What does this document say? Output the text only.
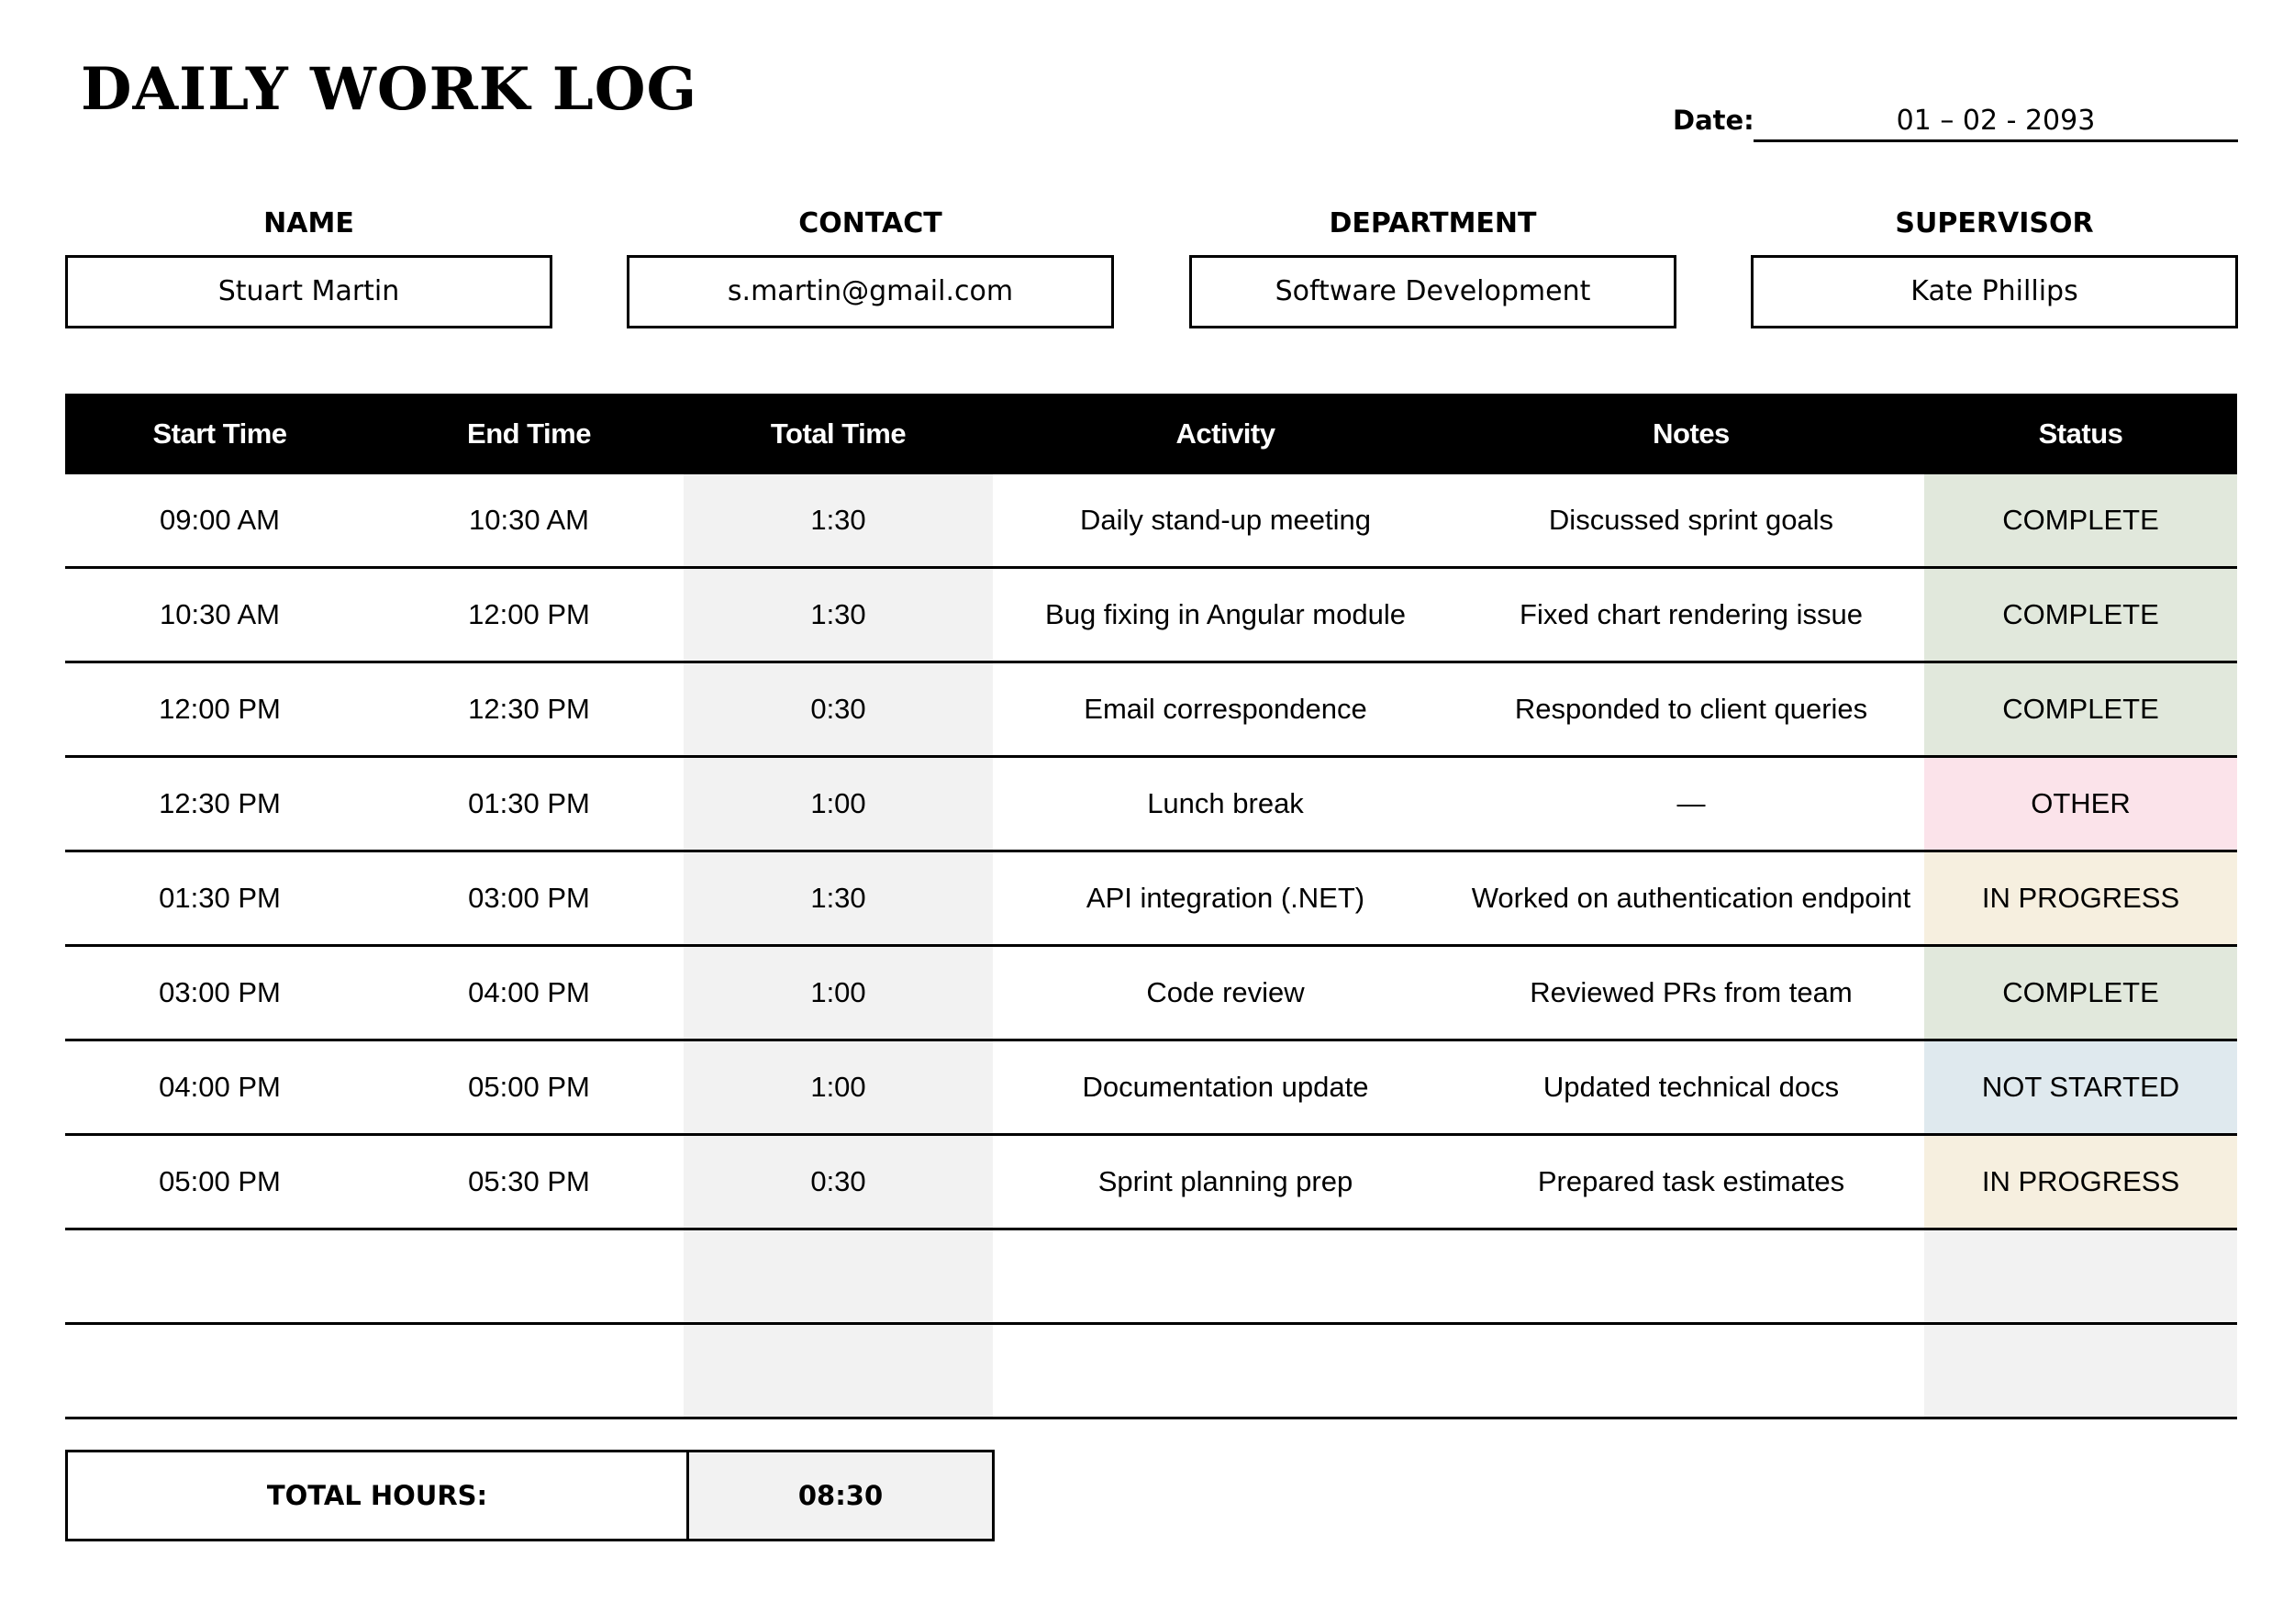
DAILY WORK LOG	Date:	01 – 02 - 2093
NAME
Stuart Martin
CONTACT
s.martin@gmail.com
DEPARTMENT
Software Development
SUPERVISOR
Kate Phillips
Start Time	End Time	Total Time	Activity	Notes	Status
09:00 AM	10:30 AM	1:30	Daily stand-up meeting	Discussed sprint goals	COMPLETE
10:30 AM	12:00 PM	1:30	Bug fixing in Angular module	Fixed chart rendering issue	COMPLETE
12:00 PM	12:30 PM	0:30	Email correspondence	Responded to client queries	COMPLETE
12:30 PM	01:30 PM	1:00	Lunch break	—	OTHER
01:30 PM	03:00 PM	1:30	API integration (.NET)	Worked on authentication endpoint	IN PROGRESS
03:00 PM	04:00 PM	1:00	Code review	Reviewed PRs from team	COMPLETE
04:00 PM	05:00 PM	1:00	Documentation update	Updated technical docs	NOT STARTED
05:00 PM	05:30 PM	0:30	Sprint planning prep	Prepared task estimates	IN PROGRESS

TOTAL HOURS:	08:30
